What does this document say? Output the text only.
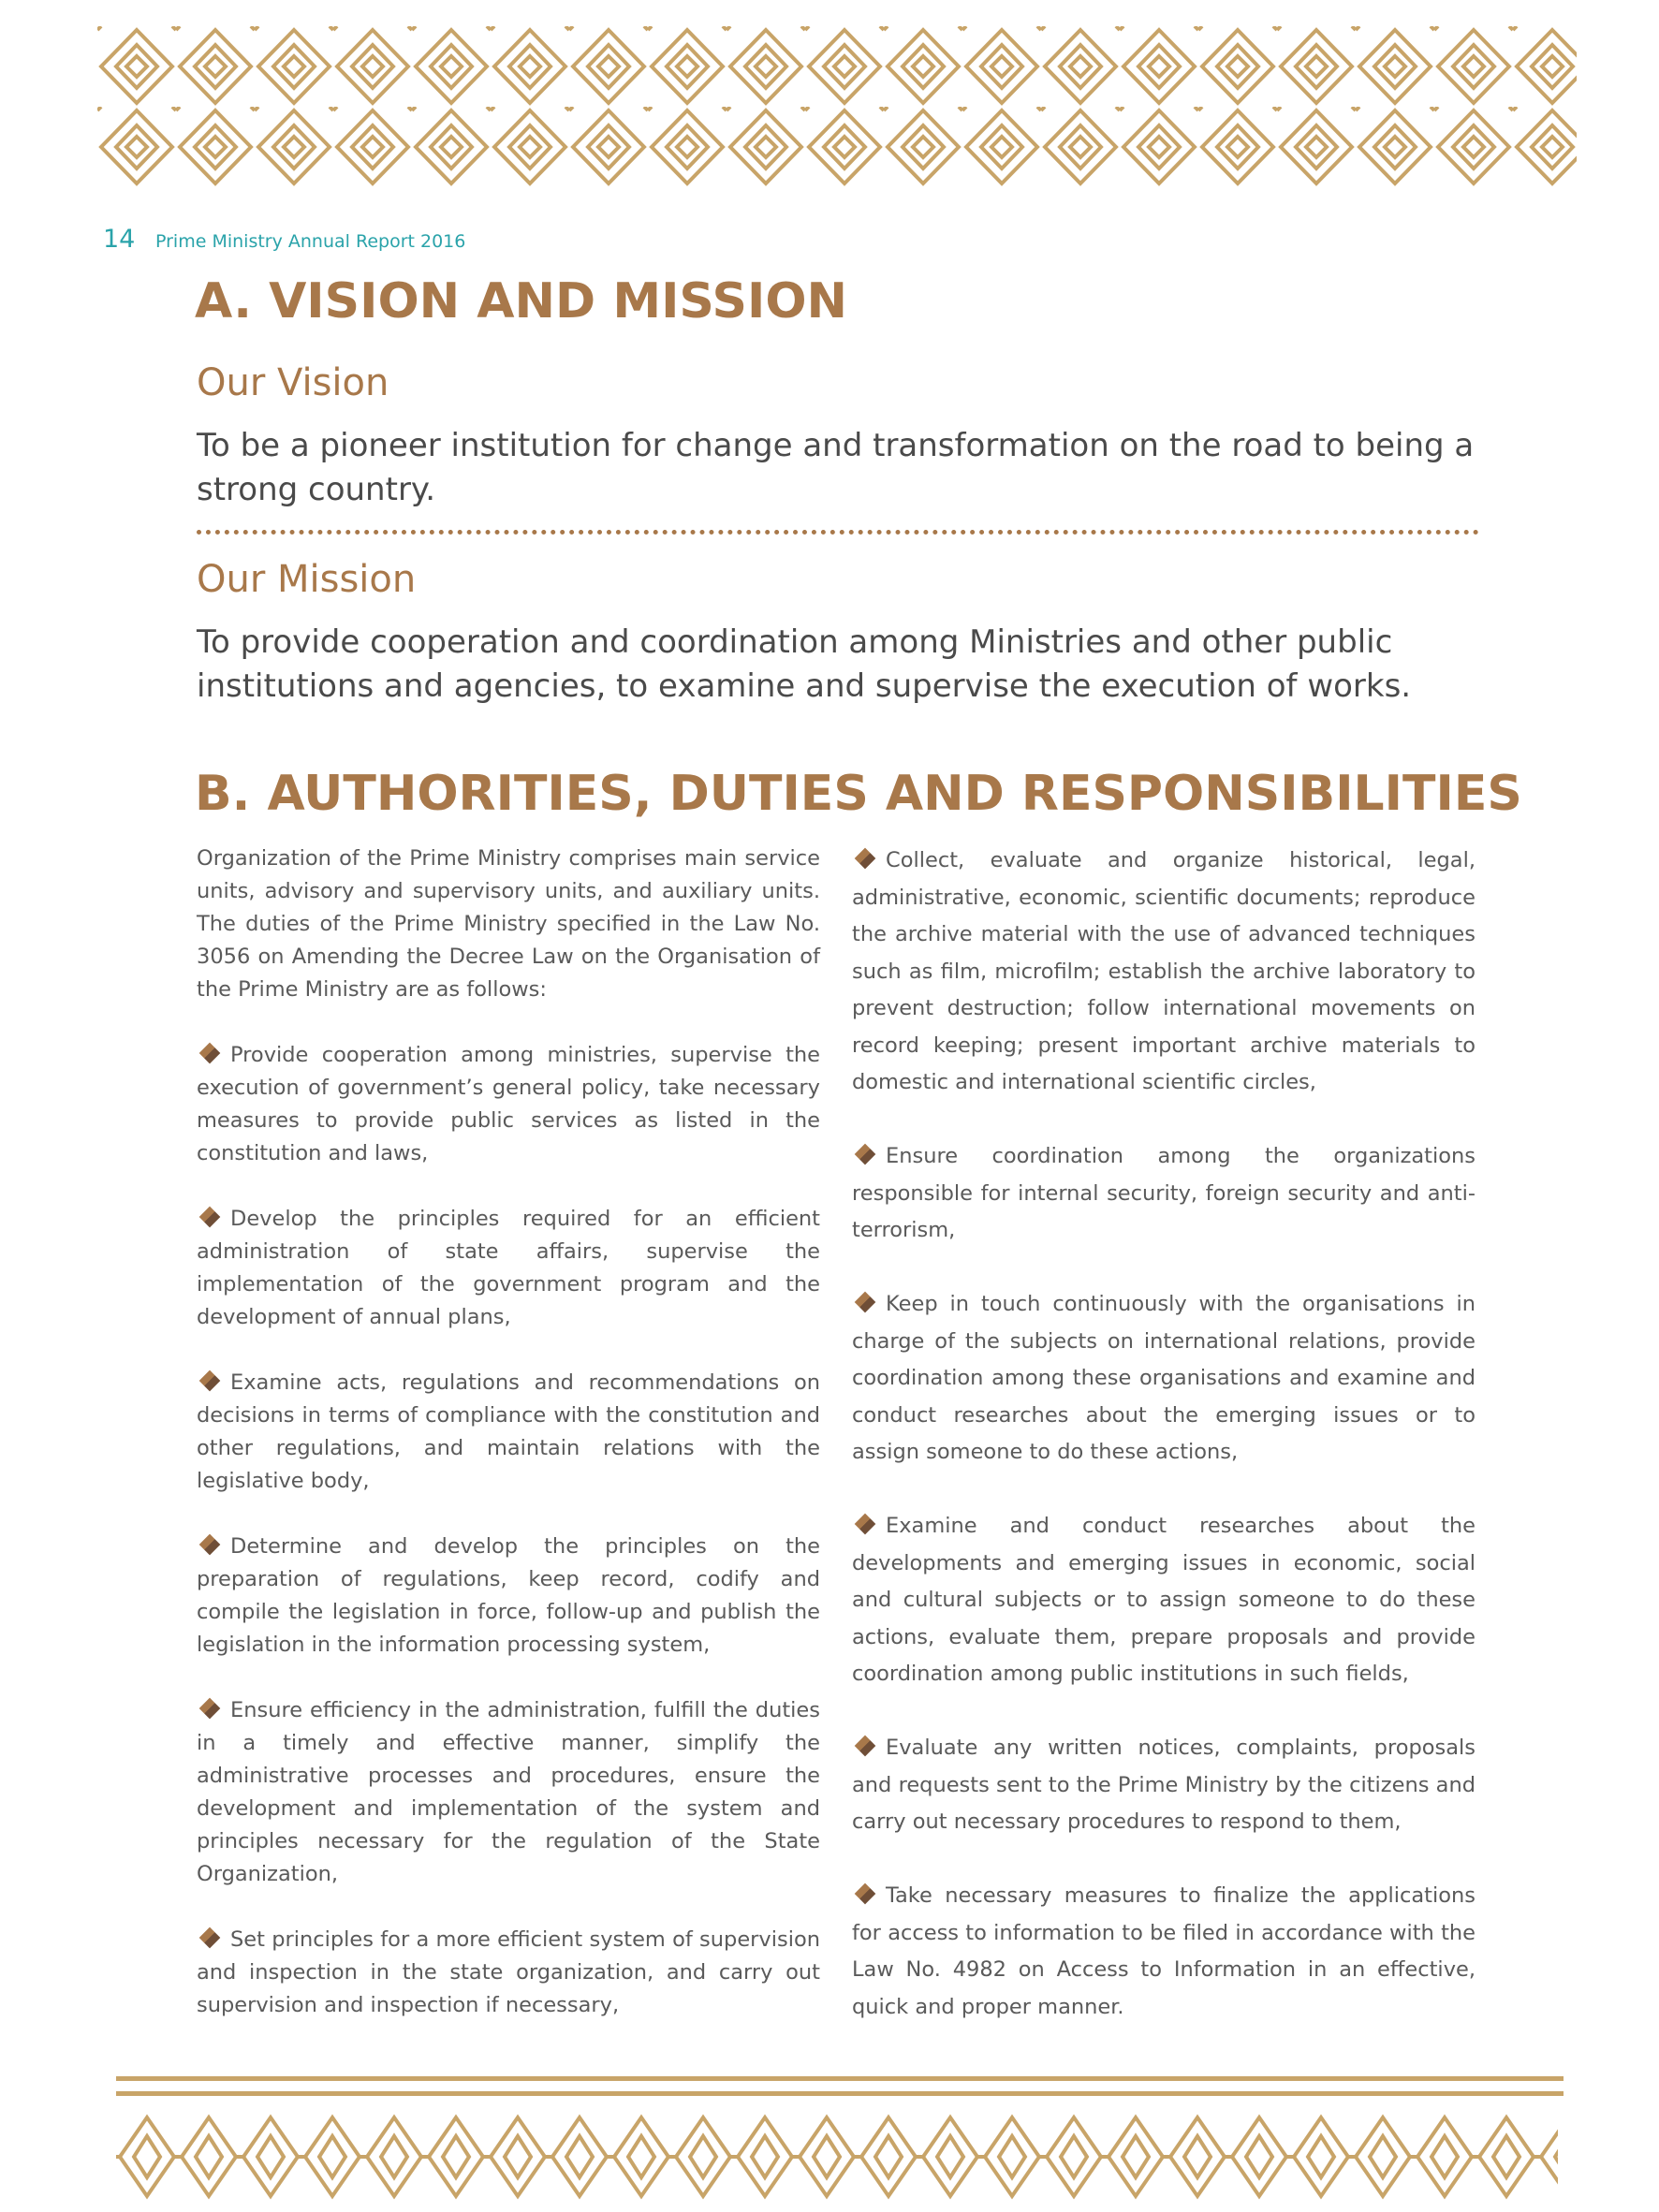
14 Prime Ministry Annual Report 2016
A. VISION AND MISSION
Our Vision

To be a pioneer institution for change and transformation on the road to being a strong country.

Our Mission

To provide cooperation and coordination among Ministries and other public institutions and agencies, to examine and supervise the execution of works.

B. AUTHORITIES, DUTIES AND RESPONSIBILITIES

Organization of the Prime Ministry comprises main service units, advisory and supervisory units, and auxiliary units. The duties of the Prime Ministry specified in the Law No. 3056 on Amending the Decree Law on the Organisation of the Prime Ministry are as follows:

Provide cooperation among ministries, supervise the execution of government’s general policy, take necessary measures to provide public services as listed in the constitution and laws,

Develop the principles required for an efficient administration of state affairs, supervise the implementation of the government program and the development of annual plans,

Examine acts, regulations and recommendations on decisions in terms of compliance with the constitution and other regulations, and maintain relations with the legislative body,

Determine and develop the principles on the preparation of regulations, keep record, codify and compile the legislation in force, follow-up and publish the legislation in the information processing system,

Ensure efficiency in the administration, fulfill the duties in a timely and effective manner, simplify the administrative processes and procedures, ensure the development and implementation of the system and principles necessary for the regulation of the State Organization,

Set principles for a more efficient system of supervision and inspection in the state organization, and carry out supervision and inspection if necessary,

Collect, evaluate and organize historical, legal, administrative, economic, scientific documents; reproduce the archive material with the use of advanced techniques such as film, microfilm; establish the archive laboratory to prevent destruction; follow international movements on record keeping; present important archive materials to domestic and international scientific circles,

Ensure coordination among the organizations responsible for internal security, foreign security and anti-terrorism,

Keep in touch continuously with the organisations in charge of the subjects on international relations, provide coordination among these organisations and examine and conduct researches about the emerging issues or to assign someone to do these actions,

Examine and conduct researches about the developments and emerging issues in economic, social and cultural subjects or to assign someone to do these actions, evaluate them, prepare proposals and provide coordination among public institutions in such fields,

Evaluate any written notices, complaints, proposals and requests sent to the Prime Ministry by the citizens and carry out necessary procedures to respond to them,

Take necessary measures to finalize the applications for access to information to be filed in accordance with the Law No. 4982 on Access to Information in an effective, quick and proper manner.
